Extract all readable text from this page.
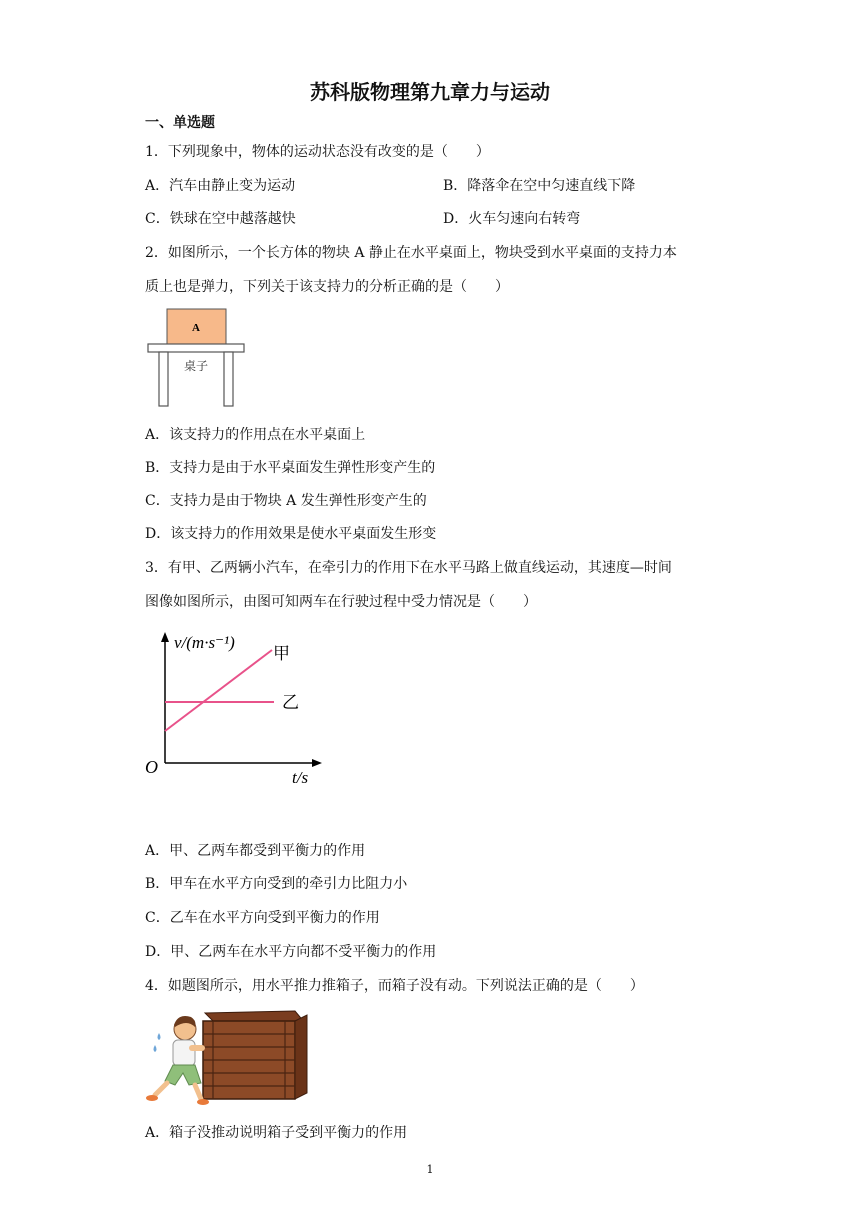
苏科版物理第九章力与运动
一、单选题
1．下列现象中，物体的运动状态没有改变的是（　　）
A．汽车由静止变为运动	B．降落伞在空中匀速直线下降
C．铁球在空中越落越快	D．火车匀速向右转弯
2．如图所示，一个长方体的物块 A 静止在水平桌面上，物块受到水平桌面的支持力本
质上也是弹力，下列关于该支持力的分析正确的是（　　）
A
桌子
A．该支持力的作用点在水平桌面上
B．支持力是由于水平桌面发生弹性形变产生的
C．支持力是由于物块 A 发生弹性形变产生的
D．该支持力的作用效果是使水平桌面发生形变
3．有甲、乙两辆小汽车，在牵引力的作用下在水平马路上做直线运动，其速度—时间
图像如图所示，由图可知两车在行驶过程中受力情况是（　　）
v/(m·s⁻¹)
t/s
O
甲
乙
A．甲、乙两车都受到平衡力的作用
B．甲车在水平方向受到的牵引力比阻力小
C．乙车在水平方向受到平衡力的作用
D．甲、乙两车在水平方向都不受平衡力的作用
4．如题图所示，用水平推力推箱子，而箱子没有动。下列说法正确的是（　　）
A．箱子没推动说明箱子受到平衡力的作用
1
